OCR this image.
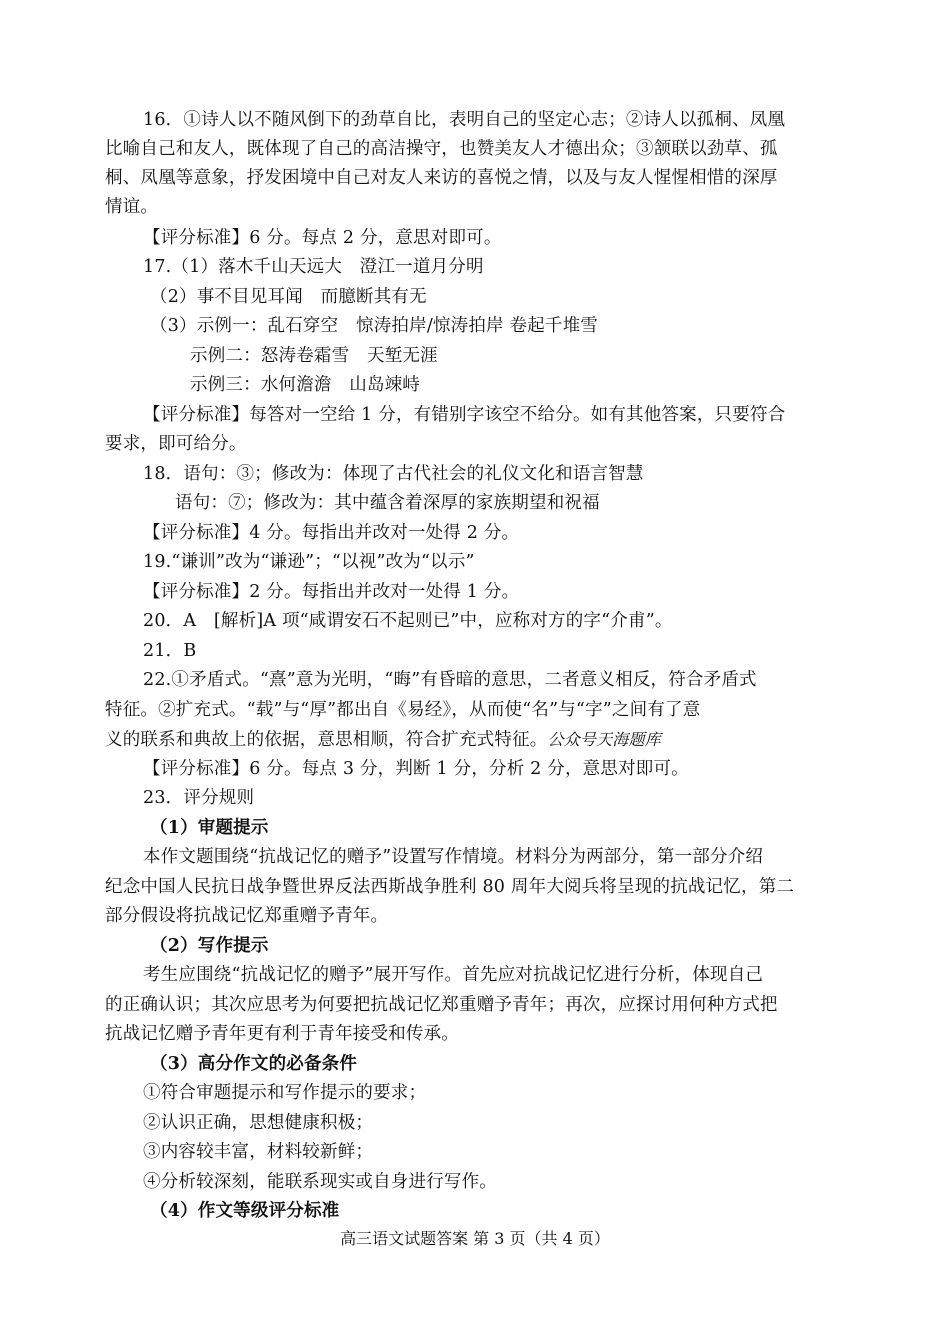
16．①诗人以不随风倒下的劲草自比，表明自己的坚定心志；②诗人以孤桐、凤凰
比喻自己和友人，既体现了自己的高洁操守，也赞美友人才德出众；③颔联以劲草、孤
桐、凤凰等意象，抒发困境中自己对友人来访的喜悦之情，以及与友人惺惺相惜的深厚
情谊。
【评分标准】6 分。每点 2 分，意思对即可。
17.（1）落木千山天远大　澄江一道月分明
（2）事不目见耳闻　而臆断其有无
（3）示例一：乱石穿空　惊涛拍岸/惊涛拍岸 卷起千堆雪
示例二：怒涛卷霜雪　天堑无涯
示例三：水何澹澹　山岛竦峙
【评分标准】每答对一空给 1 分，有错别字该空不给分。如有其他答案，只要符合
要求，即可给分。
18．语句：③；修改为：体现了古代社会的礼仪文化和语言智慧
语句：⑦；修改为：其中蕴含着深厚的家族期望和祝福
【评分标准】4 分。每指出并改对一处得 2 分。
19.“谦训”改为“谦逊”；“以视”改为“以示”
【评分标准】2 分。每指出并改对一处得 1 分。
20．A　[解析]A 项“咸谓安石不起则已”中，应称对方的字“介甫”。
21．B
22.①矛盾式。“熹”意为光明，“晦”有昏暗的意思，二者意义相反，符合矛盾式
特征。②扩充式。“载”与“厚”都出自《易经》，从而使“名”与“字”之间有了意
义的联系和典故上的依据，意思相顺，符合扩充式特征。公众号天海题库
【评分标准】6 分。每点 3 分，判断 1 分，分析 2 分，意思对即可。
23．评分规则
（1）审题提示
本作文题围绕“抗战记忆的赠予”设置写作情境。材料分为两部分，第一部分介绍
纪念中国人民抗日战争暨世界反法西斯战争胜利 80 周年大阅兵将呈现的抗战记忆，第二
部分假设将抗战记忆郑重赠予青年。
（2）写作提示
考生应围绕“抗战记忆的赠予”展开写作。首先应对抗战记忆进行分析，体现自己
的正确认识；其次应思考为何要把抗战记忆郑重赠予青年；再次，应探讨用何种方式把
抗战记忆赠予青年更有利于青年接受和传承。
（3）高分作文的必备条件
①符合审题提示和写作提示的要求；
②认识正确，思想健康积极；
③内容较丰富，材料较新鲜；
④分析较深刻，能联系现实或自身进行写作。
（4）作文等级评分标准
高三语文试题答案 第 3 页（共 4 页）
